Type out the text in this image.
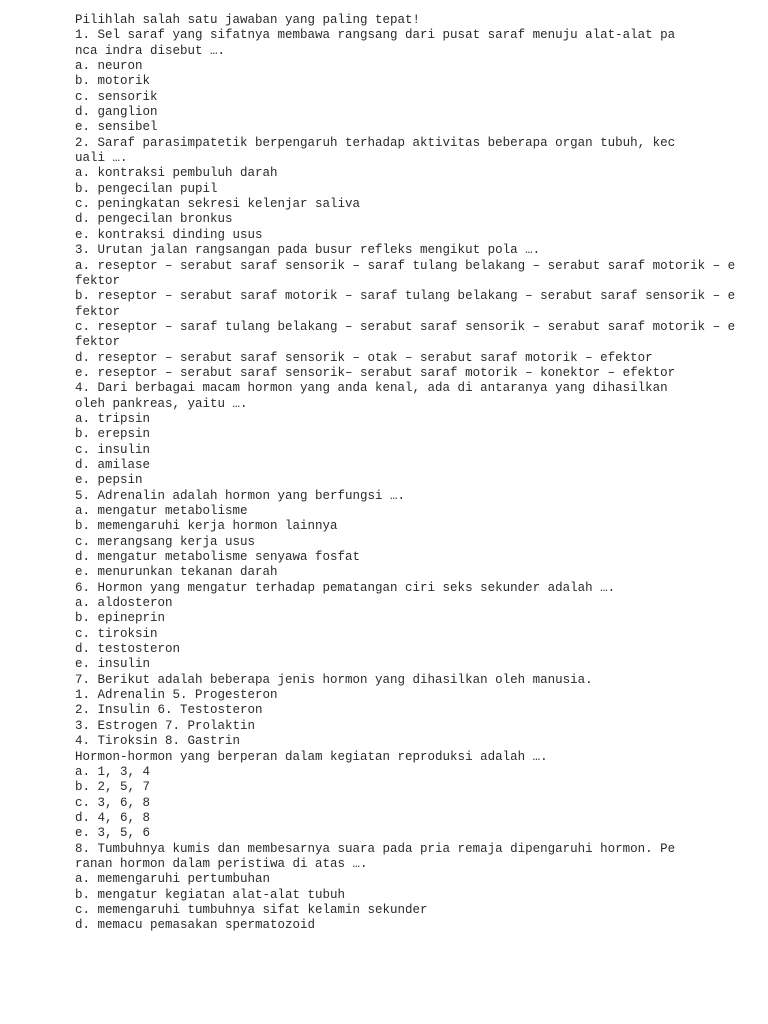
Pilihlah salah satu jawaban yang paling tepat!
1. Sel saraf yang sifatnya membawa rangsang dari pusat saraf menuju alat-alat pa
nca indra disebut ….
a. neuron
b. motorik
c. sensorik
d. ganglion
e. sensibel
2. Saraf parasimpatetik berpengaruh terhadap aktivitas beberapa organ tubuh, kec
uali ….
a. kontraksi pembuluh darah
b. pengecilan pupil
c. peningkatan sekresi kelenjar saliva
d. pengecilan bronkus
e. kontraksi dinding usus
3. Urutan jalan rangsangan pada busur refleks mengikut pola ….
a. reseptor – serabut saraf sensorik – saraf tulang belakang – serabut saraf motorik – e
fektor
b. reseptor – serabut saraf motorik – saraf tulang belakang – serabut saraf sensorik – e
fektor
c. reseptor – saraf tulang belakang – serabut saraf sensorik – serabut saraf motorik – e
fektor
d. reseptor – serabut saraf sensorik – otak – serabut saraf motorik – efektor
e. reseptor – serabut saraf sensorik– serabut saraf motorik – konektor – efektor
4. Dari berbagai macam hormon yang anda kenal, ada di antaranya yang dihasilkan
oleh pankreas, yaitu ….
a. tripsin
b. erepsin
c. insulin
d. amilase
e. pepsin
5. Adrenalin adalah hormon yang berfungsi ….
a. mengatur metabolisme
b. memengaruhi kerja hormon lainnya
c. merangsang kerja usus
d. mengatur metabolisme senyawa fosfat
e. menurunkan tekanan darah
6. Hormon yang mengatur terhadap pematangan ciri seks sekunder adalah ….
a. aldosteron
b. epineprin
c. tiroksin
d. testosteron
e. insulin
7. Berikut adalah beberapa jenis hormon yang dihasilkan oleh manusia.
1. Adrenalin 5. Progesteron
2. Insulin 6. Testosteron
3. Estrogen 7. Prolaktin
4. Tiroksin 8. Gastrin
Hormon-hormon yang berperan dalam kegiatan reproduksi adalah ….
a. 1, 3, 4
b. 2, 5, 7
c. 3, 6, 8
d. 4, 6, 8
e. 3, 5, 6
8. Tumbuhnya kumis dan membesarnya suara pada pria remaja dipengaruhi hormon. Pe
ranan hormon dalam peristiwa di atas ….
a. memengaruhi pertumbuhan
b. mengatur kegiatan alat-alat tubuh
c. memengaruhi tumbuhnya sifat kelamin sekunder
d. memacu pemasakan spermatozoid
